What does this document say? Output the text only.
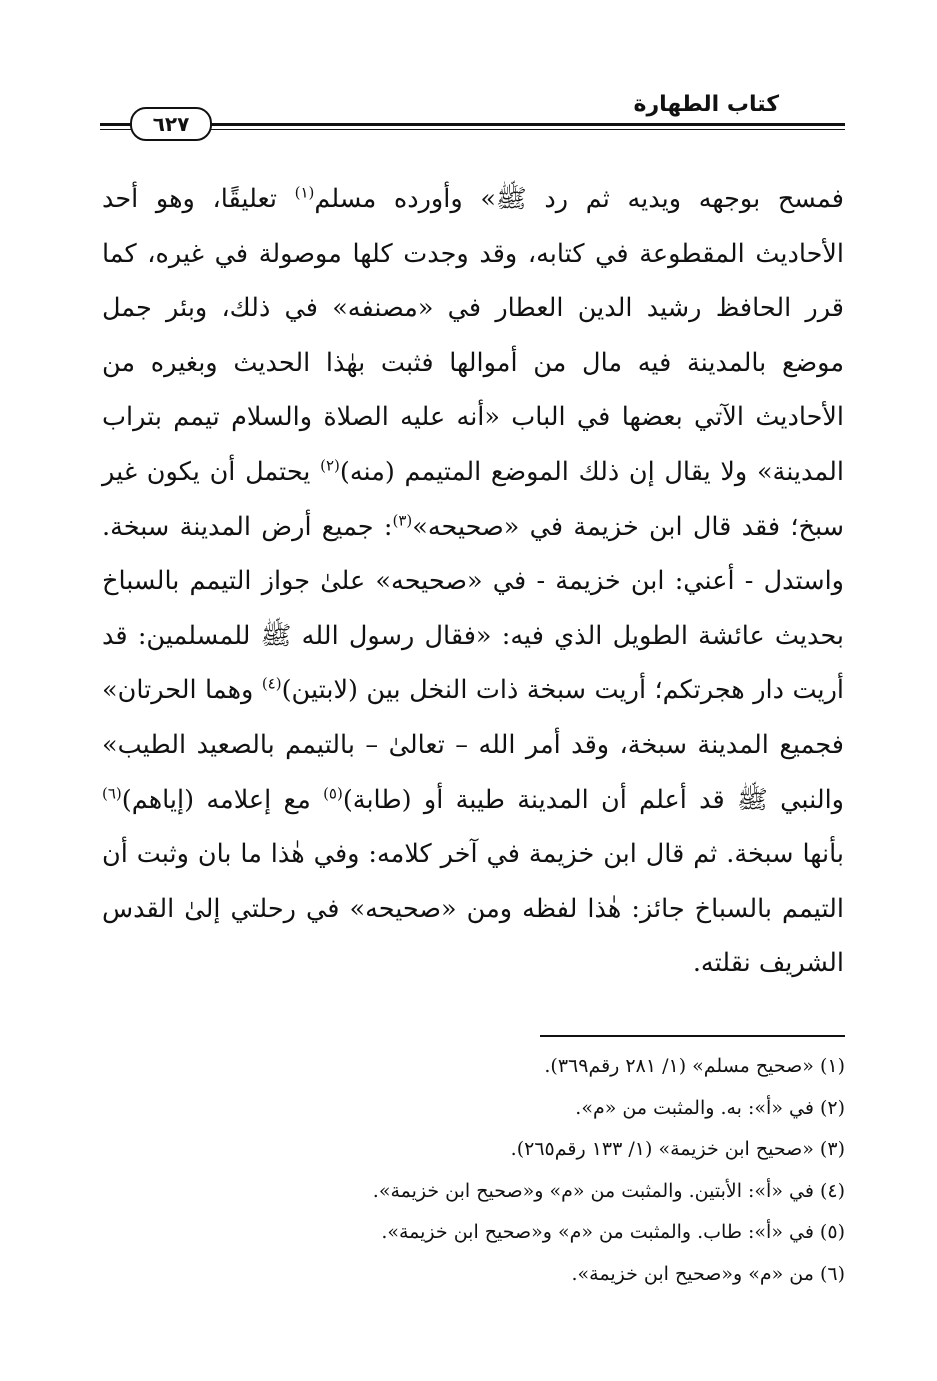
كتاب الطهارة
٦٢٧

فمسح بوجهه ويديه ثم رد ﷺ» وأورده مسلم$^{(١)}$ تعليقًا، وهو أحد الأحاديث المقطوعة في كتابه، وقد وجدت كلها موصولة في غيره، كما قرر الحافظ رشيد الدين العطار في «مصنفه» في ذلك، وبئر جمل موضع بالمدينة فيه مال من أموالها فثبت بهٰذا الحديث وبغيره من الأحاديث الآتي بعضها في الباب «أنه عليه الصلاة والسلام تيمم بتراب المدينة» ولا يقال إن ذلك الموضع المتيمم (منه)$^{(٢)}$ يحتمل أن يكون غير سبخ؛ فقد قال ابن خزيمة في «صحيحه»$^{(٣)}$: جميع أرض المدينة سبخة. واستدل - أعني: ابن خزيمة - في «صحيحه» علىٰ جواز التيمم بالسباخ بحديث عائشة الطويل الذي فيه: «فقال رسول الله ﷺ للمسلمين: قد أريت دار هجرتكم؛ أريت سبخة ذات النخل بين (لابتين)$^{(٤)}$ وهما الحرتان» فجميع المدينة سبخة، وقد أمر الله – تعالىٰ – بالتيمم بالصعيد الطيب» والنبي ﷺ قد أعلم أن المدينة طيبة أو (طابة)$^{(٥)}$ مع إعلامه (إياهم)$^{(٦)}$ بأنها سبخة. ثم قال ابن خزيمة في آخر كلامه: وفي هٰذا ما بان وثبت أن التيمم بالسباخ جائز: هٰذا لفظه ومن «صحيحه» في رحلتي إلىٰ القدس الشريف نقلته.

(١) «صحيح مسلم» (١/ ٢٨١ رقم٣٦٩).
(٢) في «أ»: به. والمثبت من «م».
(٣) «صحيح ابن خزيمة» (١/ ١٣٣ رقم٢٦٥).
(٤) في «أ»: الأبتين. والمثبت من «م» و«صحيح ابن خزيمة».
(٥) في «أ»: طاب. والمثبت من «م» و«صحيح ابن خزيمة».
(٦) من «م» و«صحيح ابن خزيمة».
